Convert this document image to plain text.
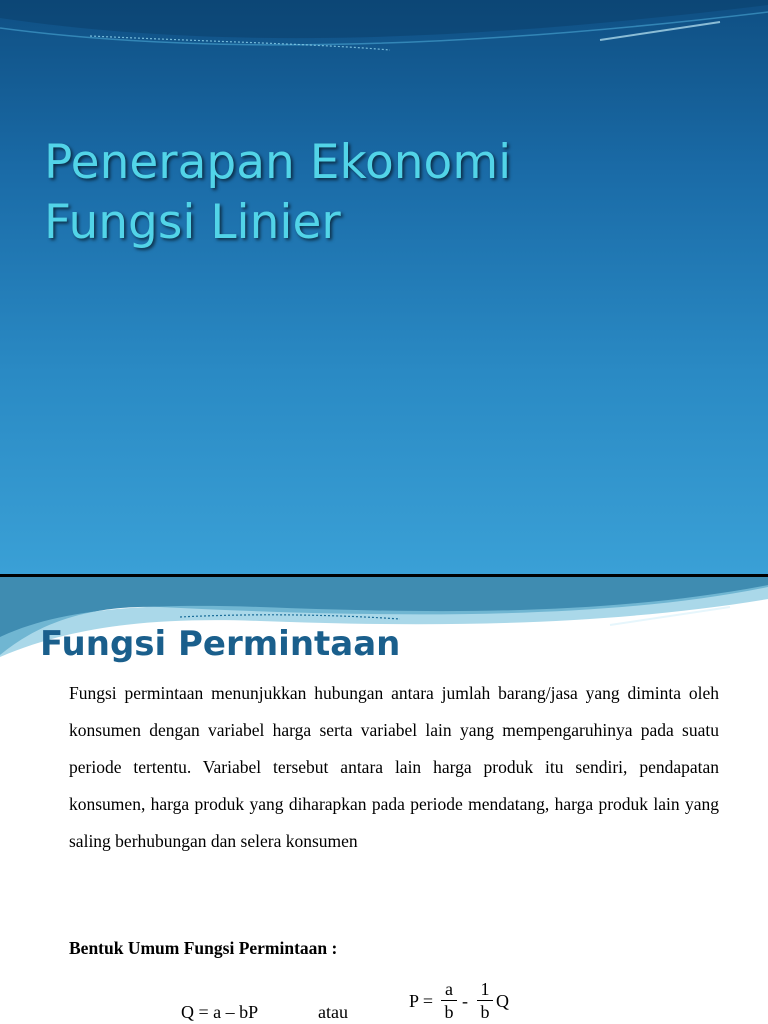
Penerapan Ekonomi
Fungsi Linier
Fungsi Permintaan

Fungsi permintaan menunjukkan hubungan antara jumlah barang/jasa yang diminta oleh konsumen dengan variabel harga serta variabel lain yang mempengaruhinya pada suatu periode tertentu. Variabel tersebut antara lain harga produk itu sendiri, pendapatan konsumen, harga produk yang diharapkan pada periode mendatang, harga produk lain yang saling berhubungan dan selera konsumen

Bentuk Umum Fungsi Permintaan :

Q = a – bP	atau
P =
a
b
-
1
b
Q
